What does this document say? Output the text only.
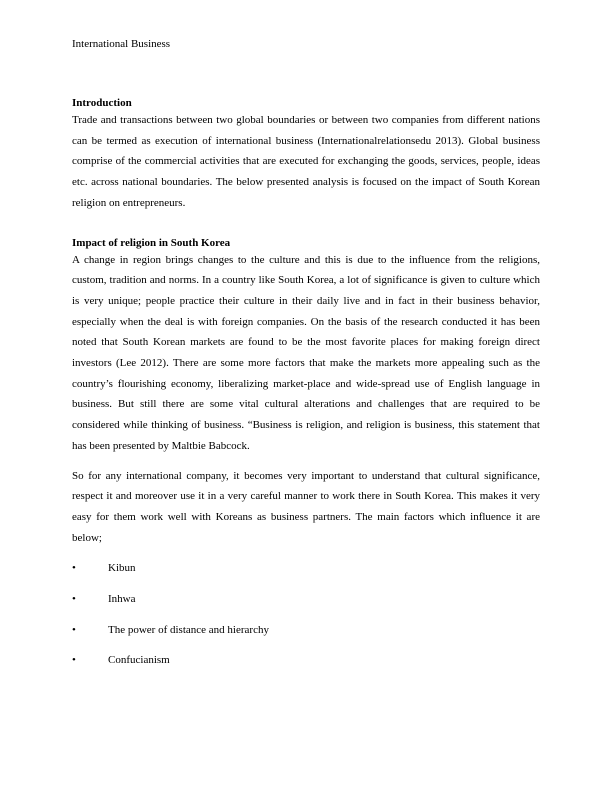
International Business

Introduction

Trade and transactions between two global boundaries or between two companies from different nations can be termed as execution of international business (Internationalrelationsedu 2013). Global business comprise of the commercial activities that are executed for exchanging the goods, services, people, ideas etc. across national boundaries. The below presented analysis is focused on the impact of South Korean religion on entrepreneurs.

Impact of religion in South Korea

A change in region brings changes to the culture and this is due to the influence from the religions, custom, tradition and norms. In a country like South Korea, a lot of significance is given to culture which is very unique; people practice their culture in their daily live and in fact in their business behavior, especially when the deal is with foreign companies. On the basis of the research conducted it has been noted that South Korean markets are found to be the most favorite places for making foreign direct investors (Lee 2012). There are some more factors that make the markets more appealing such as the country’s flourishing economy, liberalizing market-place and wide-spread use of English language in business. But still there are some vital cultural alterations and challenges that are required to be considered while thinking of business. “Business is religion, and religion is business, this statement that has been presented by Maltbie Babcock.

So for any international company, it becomes very important to understand that cultural significance, respect it and moreover use it in a very careful manner to work there in South Korea. This makes it very easy for them work well with Koreans as business partners. The main factors which influence it are below;

•	Kibun
•	Inhwa
•	The power of distance and hierarchy
•	Confucianism
